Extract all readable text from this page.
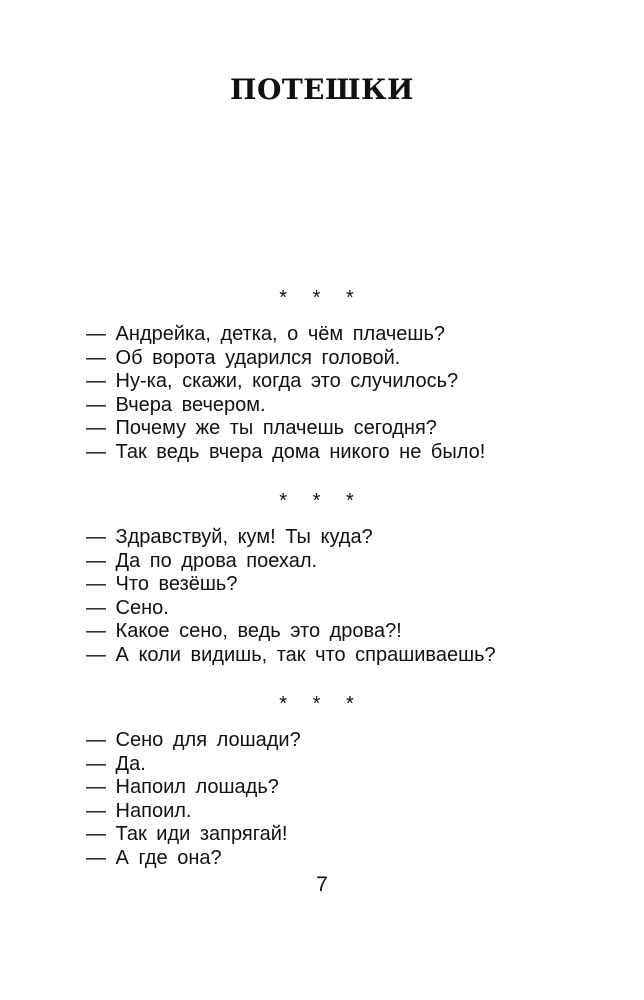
ПОТЕШКИ
* * *
— Андрейка, детка, о чём плачешь?
— Об ворота ударился головой.
— Ну-ка, скажи, когда это случилось?
— Вчера вечером.
— Почему же ты плачешь сегодня?
— Так ведь вчера дома никого не было!
* * *
— Здравствуй, кум! Ты куда?
— Да по дрова поехал.
— Что везёшь?
— Сено.
— Какое сено, ведь это дрова?!
— А коли видишь, так что спрашиваешь?
* * *
— Сено для лошади?
— Да.
— Напоил лошадь?
— Напоил.
— Так иди запрягай!
— А где она?
7
